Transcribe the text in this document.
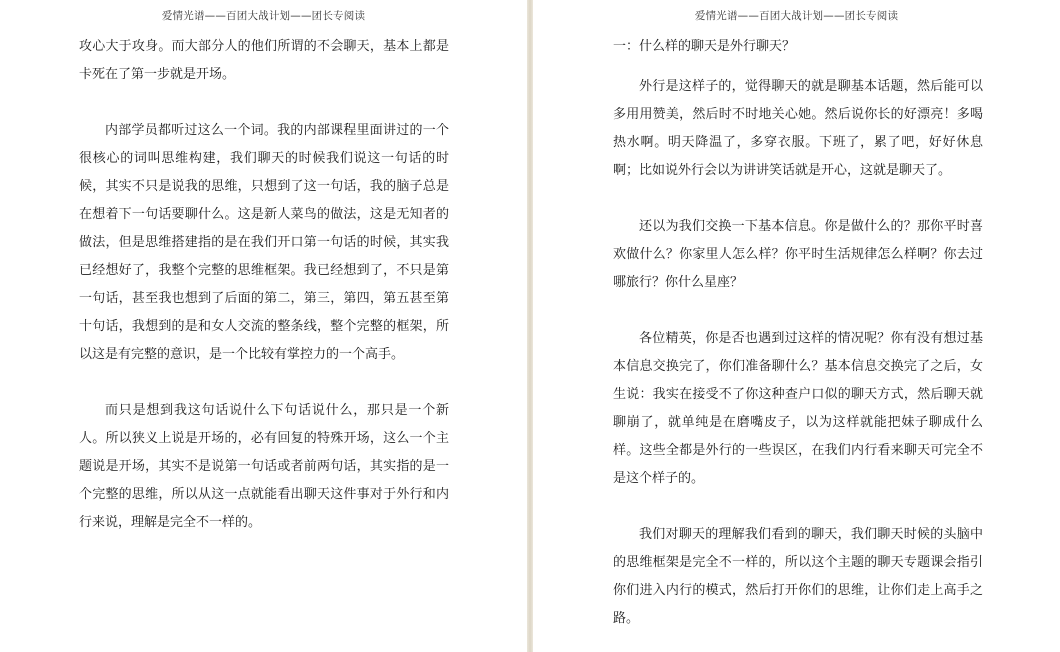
爱情光谱——百团大战计划——团长专阅读

攻心大于攻身。而大部分人的他们所谓的不会聊天，基本上都是卡死在了第一步就是开场。

内部学员都听过这么一个词。我的内部课程里面讲过的一个很核心的词叫思维构建，我们聊天的时候我们说这一句话的时候，其实不只是说我的思维，只想到了这一句话，我的脑子总是在想着下一句话要聊什么。这是新人菜鸟的做法，这是无知者的做法，但是思维搭建指的是在我们开口第一句话的时候，其实我已经想好了，我整个完整的思维框架。我已经想到了，不只是第一句话，甚至我也想到了后面的第二，第三，第四，第五甚至第十句话，我想到的是和女人交流的整条线，整个完整的框架，所以这是有完整的意识，是一个比较有掌控力的一个高手。

而只是想到我这句话说什么下句话说什么，那只是一个新人。所以狭义上说是开场的，必有回复的特殊开场，这么一个主题说是开场，其实不是说第一句话或者前两句话，其实指的是一个完整的思维，所以从这一点就能看出聊天这件事对于外行和内行来说，理解是完全不一样的。

爱情光谱——百团大战计划——团长专阅读

一：什么样的聊天是外行聊天？

外行是这样子的，觉得聊天的就是聊基本话题，然后能可以多用用赞美，然后时不时地关心她。然后说你长的好漂亮！多喝热水啊。明天降温了，多穿衣服。下班了，累了吧，好好休息啊；比如说外行会以为讲讲笑话就是开心，这就是聊天了。

还以为我们交换一下基本信息。你是做什么的？那你平时喜欢做什么？你家里人怎么样？你平时生活规律怎么样啊？你去过哪旅行？你什么星座？

各位精英，你是否也遇到过这样的情况呢？你有没有想过基本信息交换完了，你们准备聊什么？基本信息交换完了之后，女生说：我实在接受不了你这种查户口似的聊天方式，然后聊天就聊崩了，就单纯是在磨嘴皮子，以为这样就能把妹子聊成什么样。这些全都是外行的一些误区，在我们内行看来聊天可完全不是这个样子的。

我们对聊天的理解我们看到的聊天，我们聊天时候的头脑中的思维框架是完全不一样的，所以这个主题的聊天专题课会指引你们进入内行的模式，然后打开你们的思维，让你们走上高手之路。
